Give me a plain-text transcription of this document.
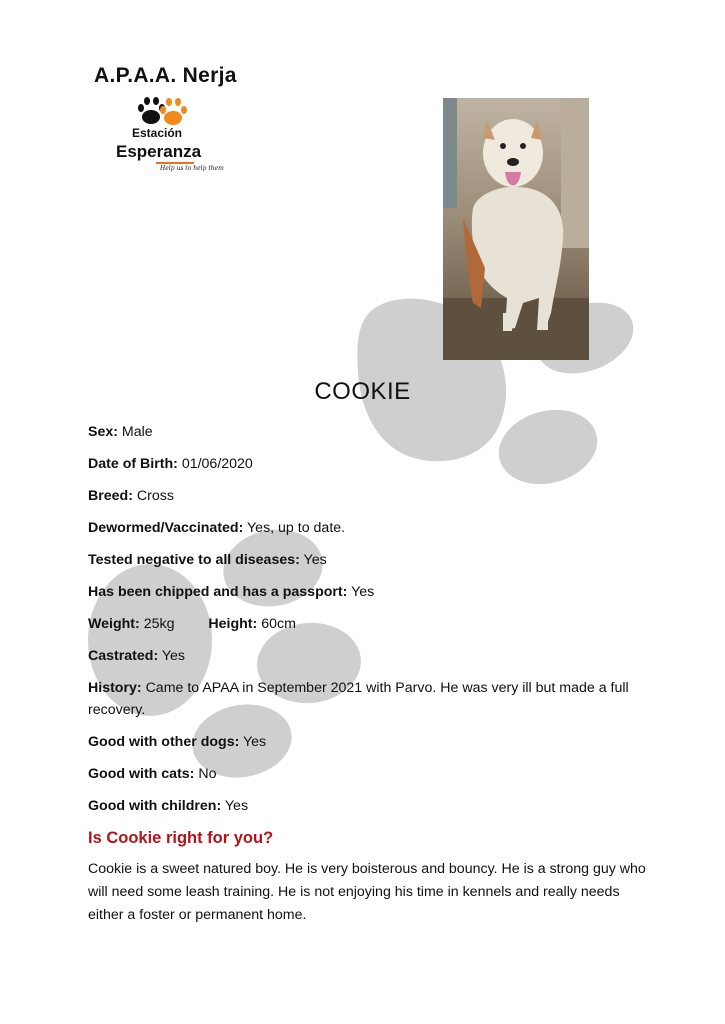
A.P.A.A. Nerja
Estación
Esperanza
Help us to help them
COOKIE
Sex: Male
Date of Birth: 01/06/2020
Breed: Cross
Dewormed/Vaccinated: Yes, up to date.
Tested negative to all diseases: Yes
Has been chipped and has a passport: Yes
Weight: 25kg Height: 60cm
Castrated: Yes
History: Came to APAA in September 2021 with Parvo. He was very ill but made a full recovery.
Good with other dogs: Yes
Good with cats: No
Good with children: Yes
Is Cookie right for you?

Cookie is a sweet natured boy. He is very boisterous and bouncy. He is a strong guy who will need some leash training. He is not enjoying his time in kennels and really needs either a foster or permanent home.
